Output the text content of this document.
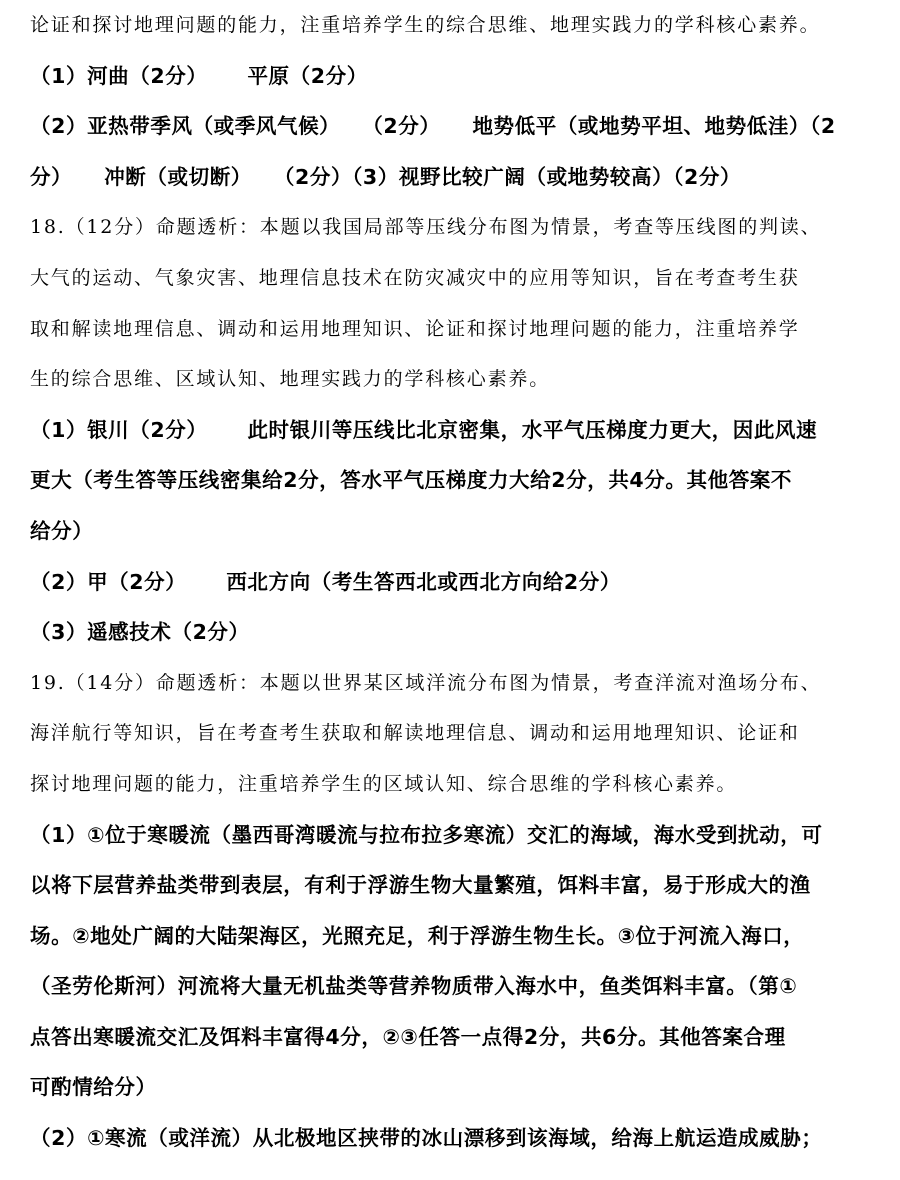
论证和探讨地理问题的能力，注重培养学生的综合思维、地理实践力的学科核心素养。
（1）河曲（2分） 平原（2分）
（2）亚热带季风（或季风气候） （2分） 地势低平（或地势平坦、地势低洼）（2
分） 冲断（或切断） （2分）（3）视野比较广阔（或地势较高）（2分）
18.（12分）命题透析：本题以我国局部等压线分布图为情景，考查等压线图的判读、
大气的运动、气象灾害、地理信息技术在防灾减灾中的应用等知识，旨在考查考生获
取和解读地理信息、调动和运用地理知识、论证和探讨地理问题的能力，注重培养学
生的综合思维、区域认知、地理实践力的学科核心素养。
（1）银川（2分） 此时银川等压线比北京密集，水平气压梯度力更大，因此风速
更大（考生答等压线密集给2分，答水平气压梯度力大给2分，共4分。其他答案不
给分）
（2）甲（2分） 西北方向（考生答西北或西北方向给2分）
（3）遥感技术（2分）
19.（14分）命题透析：本题以世界某区域洋流分布图为情景，考查洋流对渔场分布、
海洋航行等知识，旨在考查考生获取和解读地理信息、调动和运用地理知识、论证和
探讨地理问题的能力，注重培养学生的区域认知、综合思维的学科核心素养。
（1）①位于寒暖流（墨西哥湾暖流与拉布拉多寒流）交汇的海域，海水受到扰动，可
以将下层营养盐类带到表层，有利于浮游生物大量繁殖，饵料丰富，易于形成大的渔
场。②地处广阔的大陆架海区，光照充足，利于浮游生物生长。③位于河流入海口，
（圣劳伦斯河）河流将大量无机盐类等营养物质带入海水中，鱼类饵料丰富。（第①
点答出寒暖流交汇及饵料丰富得4分，②③任答一点得2分，共6分。其他答案合理
可酌情给分）
（2）①寒流（或洋流）从北极地区挟带的冰山漂移到该海域，给海上航运造成威胁；
